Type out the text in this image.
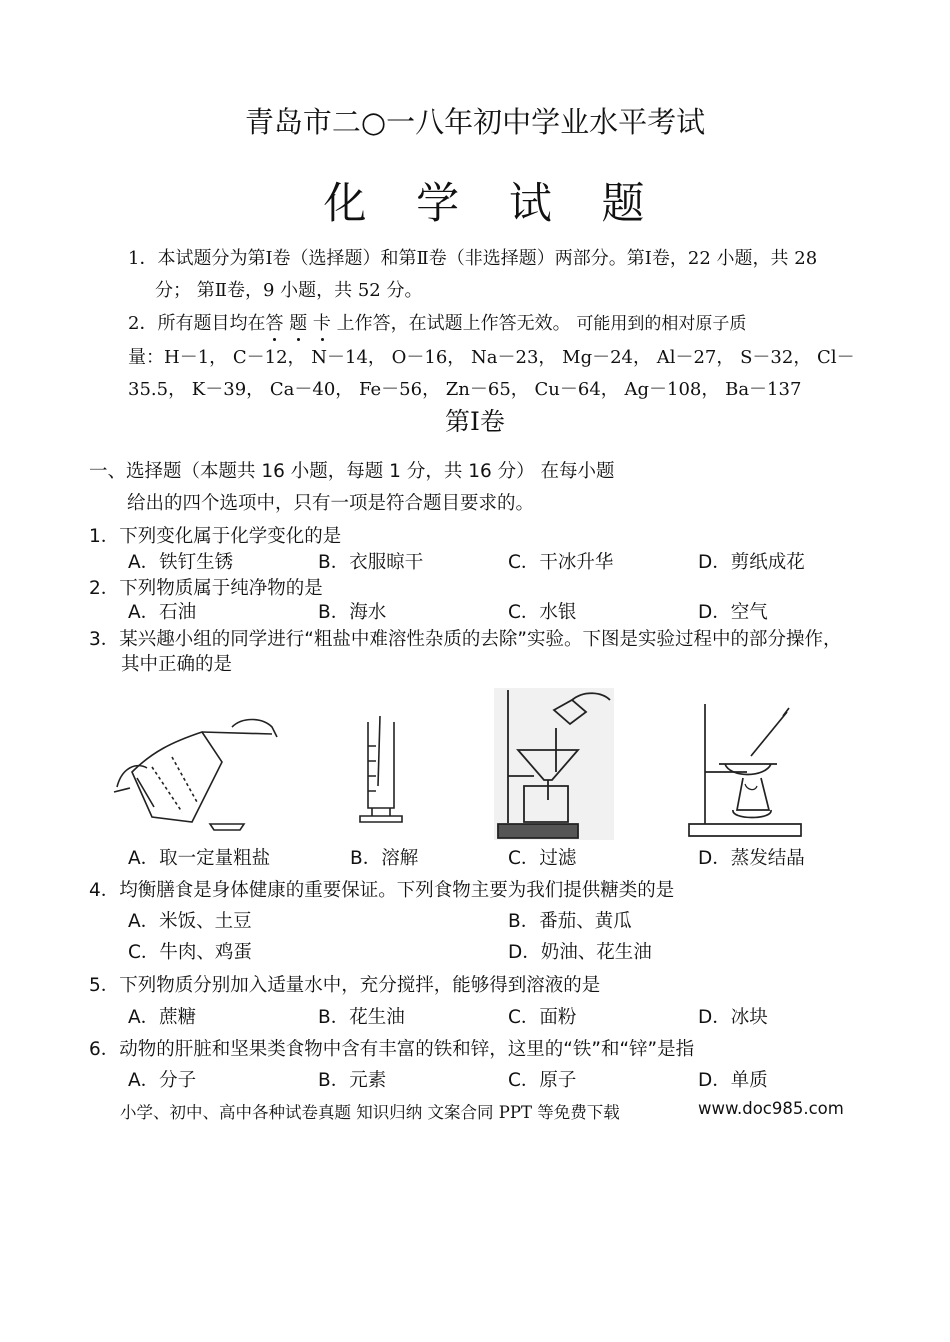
青岛市二○一八年初中学业水平考试
化 学 试 题
1．本试题分为第Ⅰ卷（选择题）和第Ⅱ卷（非选择题）两部分。第Ⅰ卷，22 小题，共 28
分； 第Ⅱ卷，9 小题，共 52 分。
2．所有题目均在答 题 卡 上作答，在试题上作答无效。 可能用到的相对原子质
量：H－1， C－12， N－14， O－16， Na－23， Mg－24， Al－27， S－32， Cl－
35.5， K－39， Ca－40， Fe－56， Zn－65， Cu－64， Ag－108， Ba－137
第Ⅰ卷
一、选择题（本题共 16 小题，每题 1 分，共 16 分） 在每小题
给出的四个选项中，只有一项是符合题目要求的。
1．下列变化属于化学变化的是
A．铁钉生锈	B．衣服晾干	C．干冰升华	D．剪纸成花
2．下列物质属于纯净物的是
A．石油	B．海水	C．水银	D．空气
3．某兴趣小组的同学进行“粗盐中难溶性杂质的去除”实验。下图是实验过程中的部分操作，
其中正确的是
A．取一定量粗盐	B．溶解	C．过滤	D．蒸发结晶
4．均衡膳食是身体健康的重要保证。下列食物主要为我们提供糖类的是
A．米饭、土豆	B．番茄、黄瓜
C．牛肉、鸡蛋	D．奶油、花生油
5．下列物质分别加入适量水中，充分搅拌，能够得到溶液的是
A．蔗糖	B．花生油	C．面粉	D．冰块
6．动物的肝脏和坚果类食物中含有丰富的铁和锌，这里的“铁”和“锌”是指
A．分子	B．元素	C．原子	D．单质
小学、初中、高中各种试卷真题 知识归纳 文案合同 PPT 等免费下载	www.doc985.com
